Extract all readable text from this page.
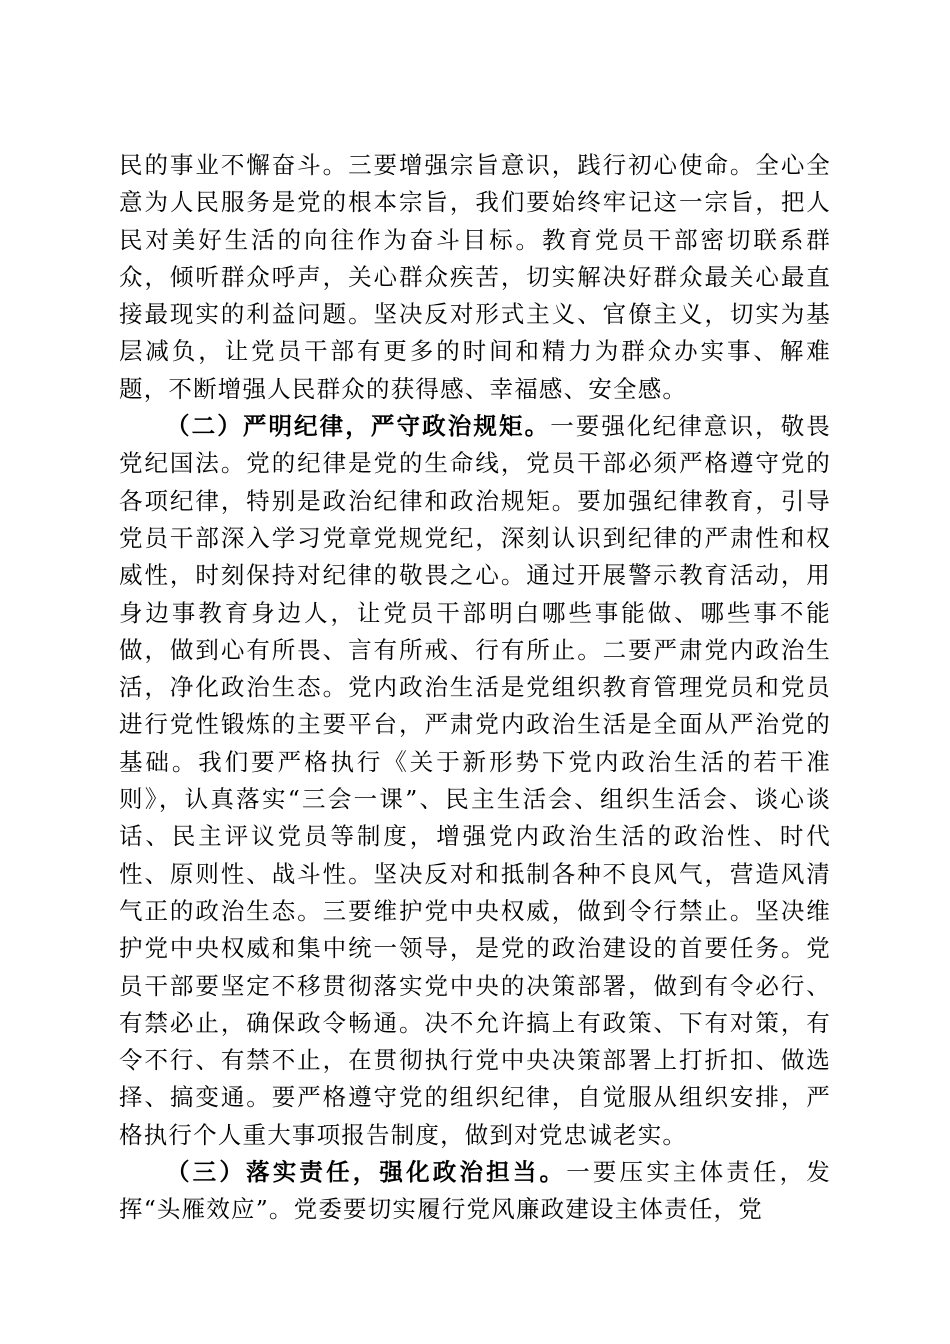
民的事业不懈奋斗。三要增强宗旨意识，践行初心使命。全心全意为人民服务是党的根本宗旨，我们要始终牢记这一宗旨，把人民对美好生活的向往作为奋斗目标。教育党员干部密切联系群众，倾听群众呼声，关心群众疾苦，切实解决好群众最关心最直接最现实的利益问题。坚决反对形式主义、官僚主义，切实为基层减负，让党员干部有更多的时间和精力为群众办实事、解难题，不断增强人民群众的获得感、幸福感、安全感。

（二）严明纪律，严守政治规矩。一要强化纪律意识，敬畏党纪国法。党的纪律是党的生命线，党员干部必须严格遵守党的各项纪律，特别是政治纪律和政治规矩。要加强纪律教育，引导党员干部深入学习党章党规党纪，深刻认识到纪律的严肃性和权威性，时刻保持对纪律的敬畏之心。通过开展警示教育活动，用身边事教育身边人，让党员干部明白哪些事能做、哪些事不能做，做到心有所畏、言有所戒、行有所止。二要严肃党内政治生活，净化政治生态。党内政治生活是党组织教育管理党员和党员进行党性锻炼的主要平台，严肃党内政治生活是全面从严治党的基础。我们要严格执行《关于新形势下党内政治生活的若干准则》，认真落实“三会一课”、民主生活会、组织生活会、谈心谈话、民主评议党员等制度，增强党内政治生活的政治性、时代性、原则性、战斗性。坚决反对和抵制各种不良风气，营造风清气正的政治生态。三要维护党中央权威，做到令行禁止。坚决维护党中央权威和集中统一领导，是党的政治建设的首要任务。党员干部要坚定不移贯彻落实党中央的决策部署，做到有令必行、有禁必止，确保政令畅通。决不允许搞上有政策、下有对策，有令不行、有禁不止，在贯彻执行党中央决策部署上打折扣、做选择、搞变通。要严格遵守党的组织纪律，自觉服从组织安排，严格执行个人重大事项报告制度，做到对党忠诚老实。

（三）落实责任，强化政治担当。一要压实主体责任，发挥“头雁效应”。党委要切实履行党风廉政建设主体责任，党
